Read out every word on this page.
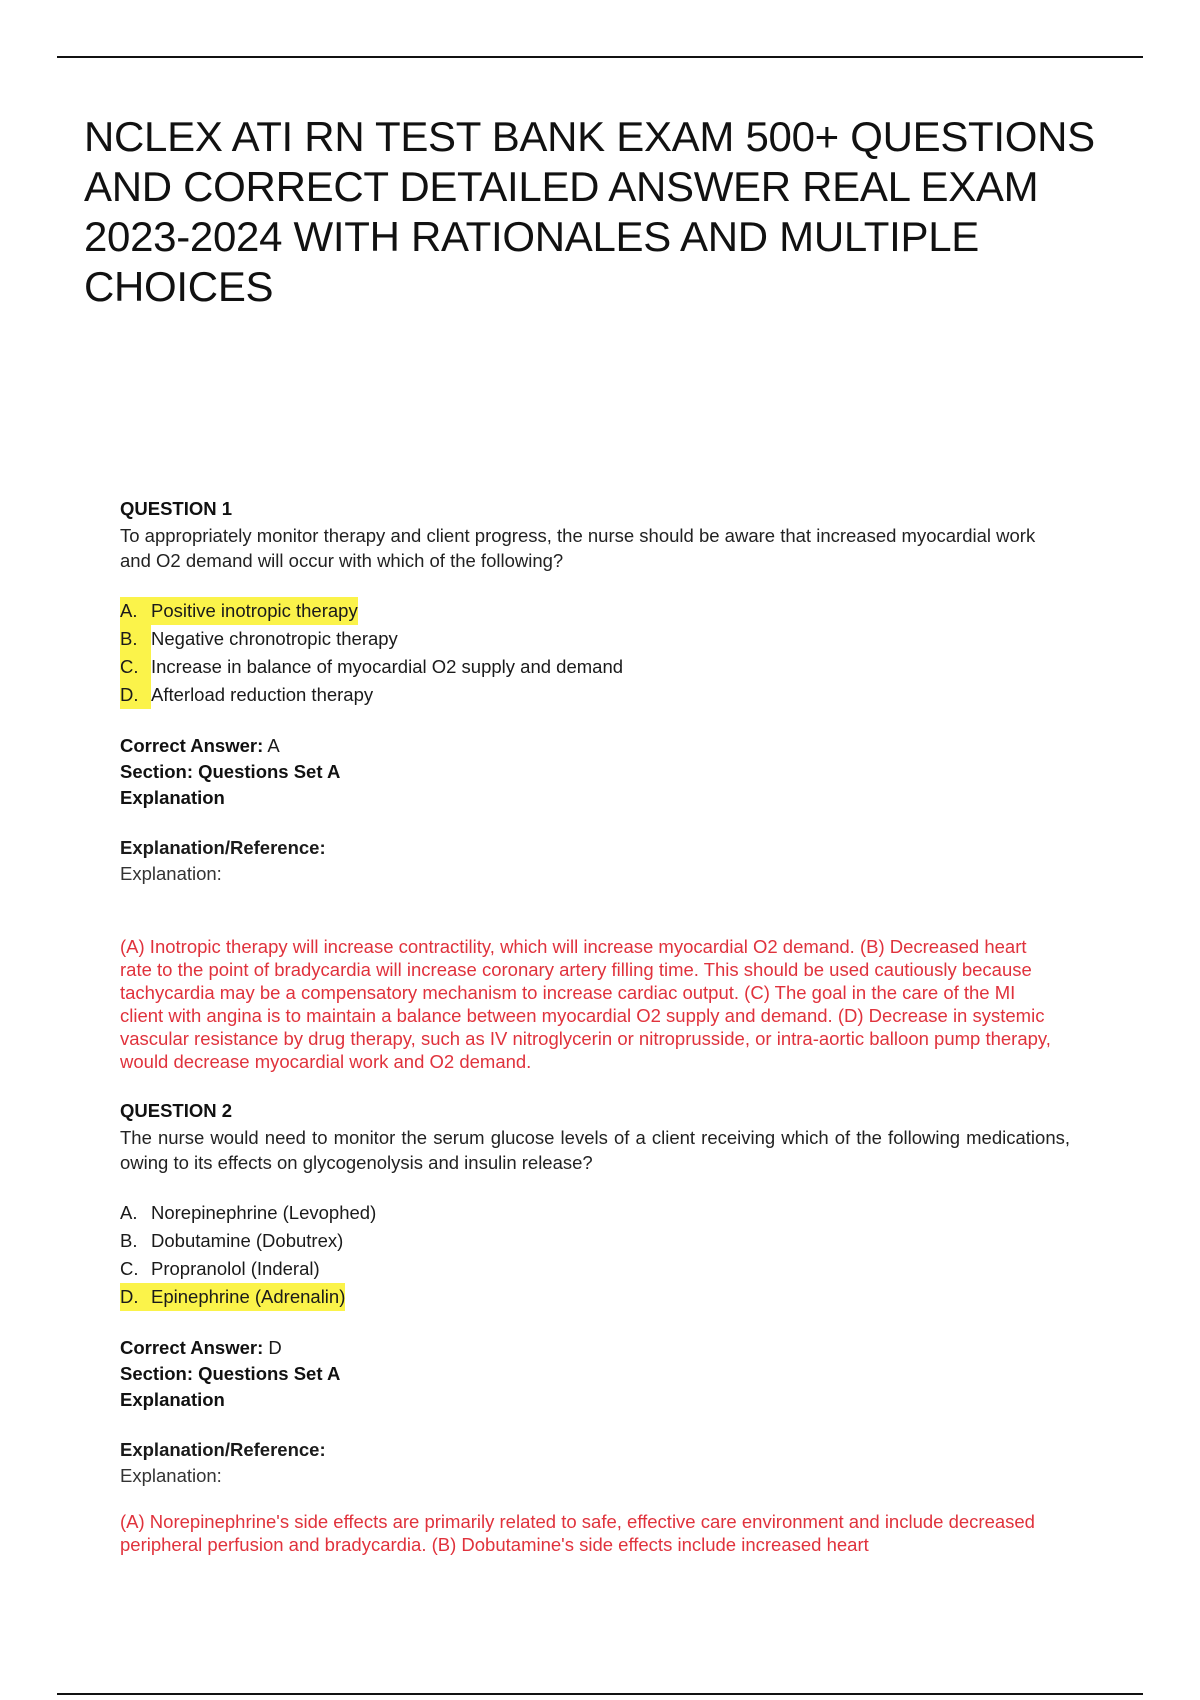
NCLEX ATI RN TEST BANK EXAM 500+ QUESTIONS AND CORRECT DETAILED ANSWER REAL EXAM 2023-2024 WITH RATIONALES AND MULTIPLE CHOICES

QUESTION 1

To appropriately monitor therapy and client progress, the nurse should be aware that increased myocardial work and O2 demand will occur with which of the following?

A. Positive inotropic therapy
B. Negative chronotropic therapy
C. Increase in balance of myocardial O2 supply and demand
D. Afterload reduction therapy
Correct Answer: A
Section: Questions Set A
Explanation
Explanation/Reference:
Explanation:

(A) Inotropic therapy will increase contractility, which will increase myocardial O2 demand. (B) Decreased heart rate to the point of bradycardia will increase coronary artery filling time. This should be used cautiously because tachycardia may be a compensatory mechanism to increase cardiac output. (C) The goal in the care of the MI client with angina is to maintain a balance between myocardial O2 supply and demand. (D) Decrease in systemic vascular resistance by drug therapy, such as IV nitroglycerin or nitroprusside, or intra-aortic balloon pump therapy, would decrease myocardial work and O2 demand.

QUESTION 2

The nurse would need to monitor the serum glucose levels of a client receiving which of the following medications, owing to its effects on glycogenolysis and insulin release?

A. Norepinephrine (Levophed)
B. Dobutamine (Dobutrex)
C. Propranolol (Inderal)
D. Epinephrine (Adrenalin)
Correct Answer: D
Section: Questions Set A
Explanation
Explanation/Reference:
Explanation:

(A) Norepinephrine's side effects are primarily related to safe, effective care environment and include decreased peripheral perfusion and bradycardia. (B) Dobutamine's side effects include increased heart
